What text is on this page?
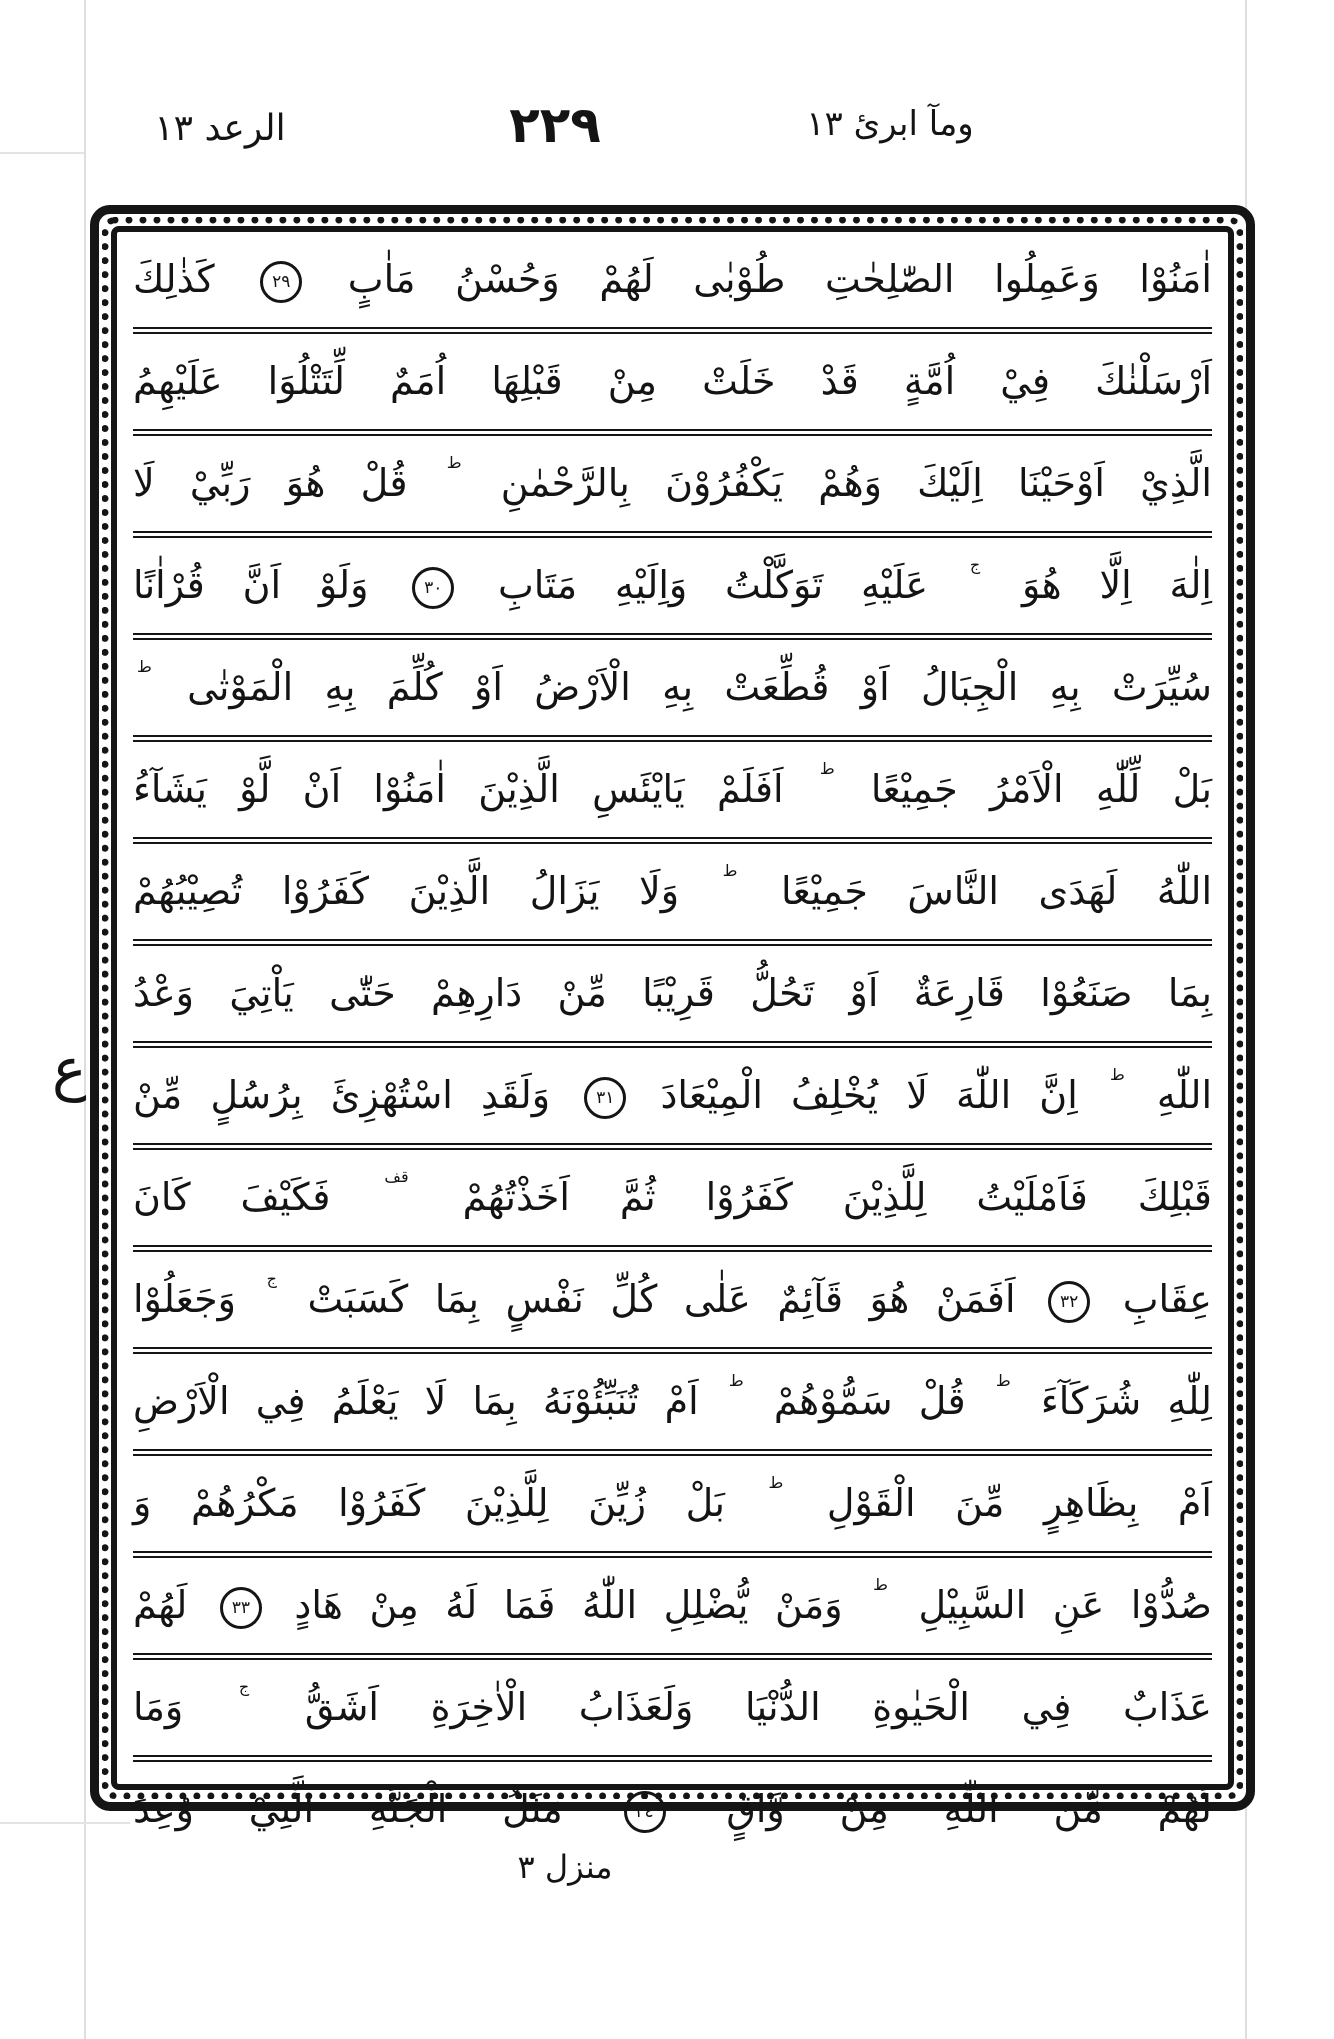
الرعد ١٣	٢٢٩	ومآ ابرئ ١٣
ع
اٰمَنُوْا وَعَمِلُوا الصّٰلِحٰتِ طُوْبٰى لَهُمْ وَحُسْنُ مَاٰبٍ ٢٩ كَذٰلِكَ
اَرْسَلْنٰكَ فِيْ اُمَّةٍ قَدْ خَلَتْ مِنْ قَبْلِهَا اُمَمٌ لِّتَتْلُوَا عَلَيْهِمُ
الَّذِيْ اَوْحَيْنَا اِلَيْكَ وَهُمْ يَكْفُرُوْنَ بِالرَّحْمٰنِ ط قُلْ هُوَ رَبِّيْ لَا
اِلٰهَ اِلَّا هُوَ ج عَلَيْهِ تَوَكَّلْتُ وَاِلَيْهِ مَتَابِ ٣٠ وَلَوْ اَنَّ قُرْاٰنًا
سُيِّرَتْ بِهِ الْجِبَالُ اَوْ قُطِّعَتْ بِهِ الْاَرْضُ اَوْ كُلِّمَ بِهِ الْمَوْتٰى ط
بَلْ لِّلّٰهِ الْاَمْرُ جَمِيْعًا ط اَفَلَمْ يَايْئَسِ الَّذِيْنَ اٰمَنُوْا اَنْ لَّوْ يَشَآءُ
اللّٰهُ لَهَدَى النَّاسَ جَمِيْعًا ط وَلَا يَزَالُ الَّذِيْنَ كَفَرُوْا تُصِيْبُهُمْ
بِمَا صَنَعُوْا قَارِعَةٌ اَوْ تَحُلُّ قَرِيْبًا مِّنْ دَارِهِمْ حَتّٰى يَاْتِيَ وَعْدُ
اللّٰهِ ط اِنَّ اللّٰهَ لَا يُخْلِفُ الْمِيْعَادَ ٣١ وَلَقَدِ اسْتُهْزِئَ بِرُسُلٍ مِّنْ
قَبْلِكَ فَاَمْلَيْتُ لِلَّذِيْنَ كَفَرُوْا ثُمَّ اَخَذْتُهُمْ قف فَكَيْفَ كَانَ
عِقَابِ ٣٢ اَفَمَنْ هُوَ قَآئِمٌ عَلٰى كُلِّ نَفْسٍ بِمَا كَسَبَتْ ج وَجَعَلُوْا
لِلّٰهِ شُرَكَآءَ ط قُلْ سَمُّوْهُمْ ط اَمْ تُنَبِّئُوْنَهُ بِمَا لَا يَعْلَمُ فِي الْاَرْضِ
اَمْ بِظَاهِرٍ مِّنَ الْقَوْلِ ط بَلْ زُيِّنَ لِلَّذِيْنَ كَفَرُوْا مَكْرُهُمْ وَ
صُدُّوْا عَنِ السَّبِيْلِ ط وَمَنْ يُّضْلِلِ اللّٰهُ فَمَا لَهُ مِنْ هَادٍ ٣٣ لَهُمْ
عَذَابٌ فِي الْحَيٰوةِ الدُّنْيَا وَلَعَذَابُ الْاٰخِرَةِ اَشَقُّ ج وَمَا
لَهُمْ مِّنَ اللّٰهِ مِنْ وَّاقٍ ٣٤ مَثَلُ الْجَنَّةِ الَّتِيْ وُعِدَ
منزل ٣
